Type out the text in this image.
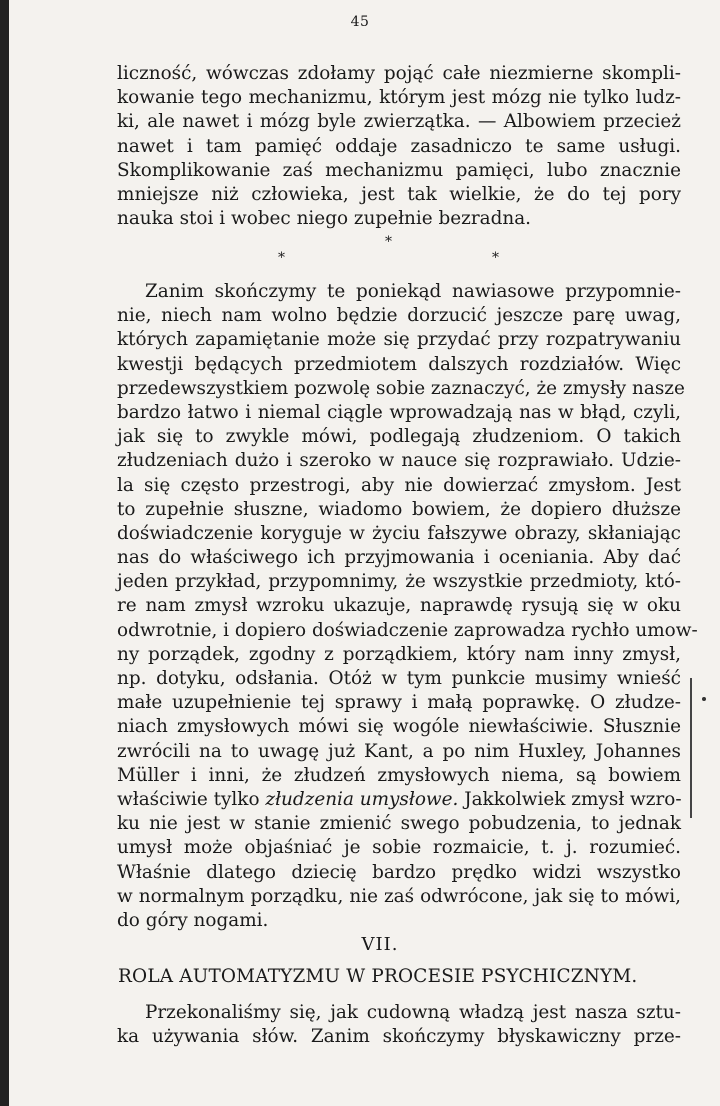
45
liczność, wówczas zdołamy pojąć całe niezmierne skompli-
kowanie tego mechanizmu, którym jest mózg nie tylko ludz-
ki, ale nawet i mózg byle zwierzątka. — Albowiem przecież
nawet i tam pamięć oddaje zasadniczo te same usługi.
Skomplikowanie zaś mechanizmu pamięci, lubo znacznie
mniejsze niż człowieka, jest tak wielkie, że do tej pory
nauka stoi i wobec niego zupełnie bezradna.
*
*	*
Zanim skończymy te poniekąd nawiasowe przypomnie-
nie, niech nam wolno będzie dorzucić jeszcze parę uwag,
których zapamiętanie może się przydać przy rozpatrywaniu
kwestji będących przedmiotem dalszych rozdziałów. Więc
przedewszystkiem pozwolę sobie zaznaczyć, że zmysły nasze
bardzo łatwo i niemal ciągle wprowadzają nas w błąd, czyli,
jak się to zwykle mówi, podlegają złudzeniom. O takich
złudzeniach dużo i szeroko w nauce się rozprawiało. Udzie-
la się często przestrogi, aby nie dowierzać zmysłom. Jest
to zupełnie słuszne, wiadomo bowiem, że dopiero dłuższe
doświadczenie koryguje w życiu fałszywe obrazy, skłaniając
nas do właściwego ich przyjmowania i oceniania. Aby dać
jeden przykład, przypomnimy, że wszystkie przedmioty, któ-
re nam zmysł wzroku ukazuje, naprawdę rysują się w oku
odwrotnie, i dopiero doświadczenie zaprowadza rychło umow-
ny porządek, zgodny z porządkiem, który nam inny zmysł,
np. dotyku, odsłania. Otóż w tym punkcie musimy wnieść
małe uzupełnienie tej sprawy i małą poprawkę. O złudze-
niach zmysłowych mówi się wogóle niewłaściwie. Słusznie
zwrócili na to uwagę już Kant, a po nim Huxley, Johannes
Müller i inni, że złudzeń zmysłowych niema, są bowiem
właściwie tylko złudzenia umysłowe. Jakkolwiek zmysł wzro-
ku nie jest w stanie zmienić swego pobudzenia, to jednak
umysł może objaśniać je sobie rozmaicie, t. j. rozumieć.
Właśnie dlatego dziecię bardzo prędko widzi wszystko
w normalnym porządku, nie zaś odwrócone, jak się to mówi,
do góry nogami.
VII.
ROLA AUTOMATYZMU W PROCESIE PSYCHICZNYM.
Przekonaliśmy się, jak cudowną władzą jest nasza sztu-
ka używania słów. Zanim skończymy błyskawiczny prze-
